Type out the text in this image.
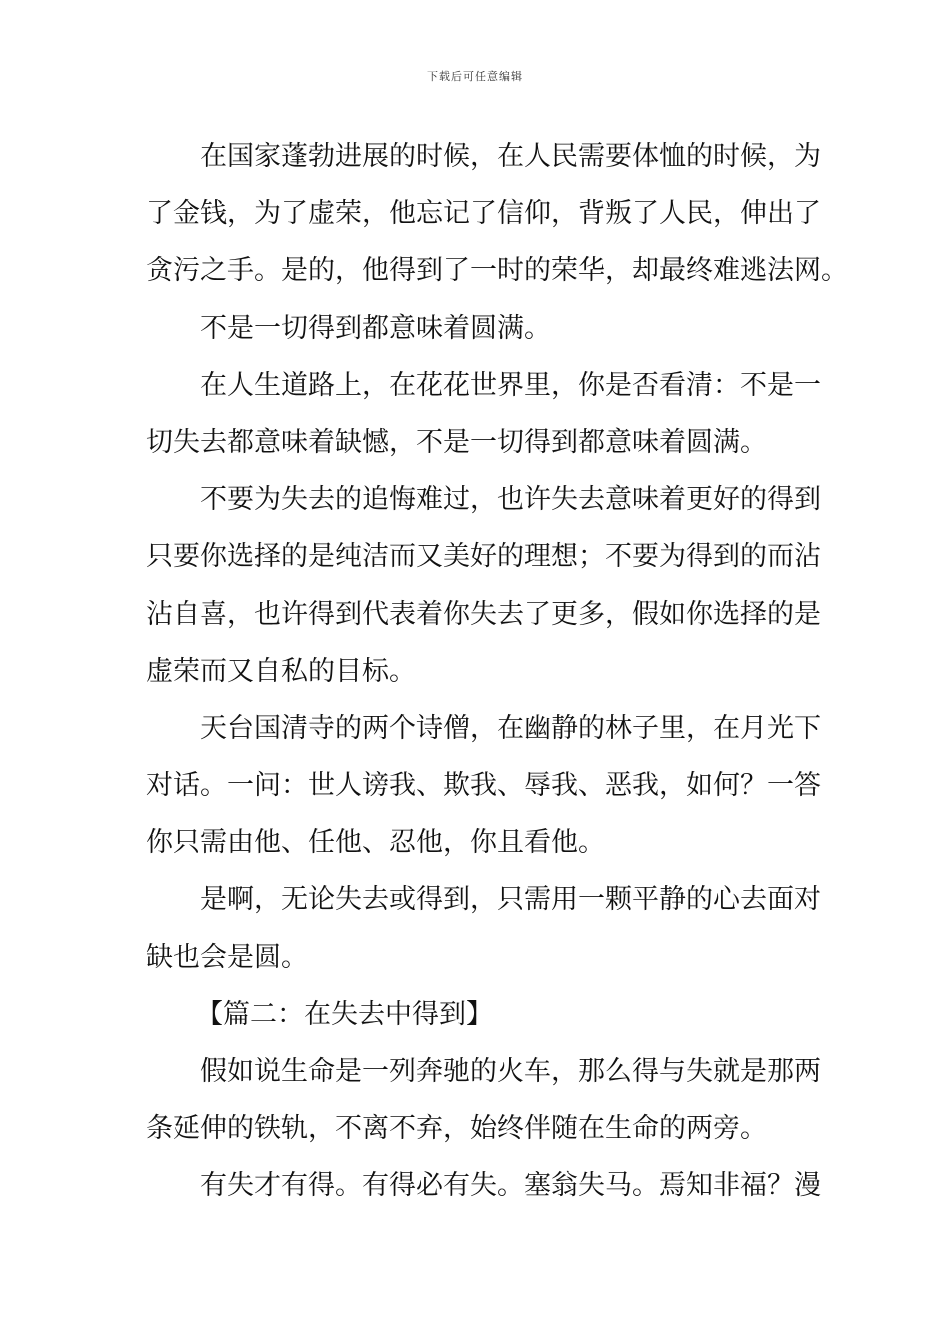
下载后可任意编辑
在国家蓬勃进展的时候，在人民需要体恤的时候，为
了金钱，为了虚荣，他忘记了信仰，背叛了人民，伸出了
贪污之手。是的，他得到了一时的荣华，却最终难逃法网。
不是一切得到都意味着圆满。
在人生道路上，在花花世界里，你是否看清：不是一
切失去都意味着缺憾，不是一切得到都意味着圆满。
不要为失去的追悔难过，也许失去意味着更好的得到
只要你选择的是纯洁而又美好的理想；不要为得到的而沾
沾自喜，也许得到代表着你失去了更多，假如你选择的是
虚荣而又自私的目标。
天台国清寺的两个诗僧，在幽静的林子里，在月光下
对话。一问：世人谤我、欺我、辱我、恶我，如何？一答
你只需由他、任他、忍他，你且看他。
是啊，无论失去或得到，只需用一颗平静的心去面对
缺也会是圆。
【篇二：在失去中得到】
假如说生命是一列奔驰的火车，那么得与失就是那两
条延伸的铁轨，不离不弃，始终伴随在生命的两旁。
有失才有得。有得必有失。塞翁失马。焉知非福？漫
